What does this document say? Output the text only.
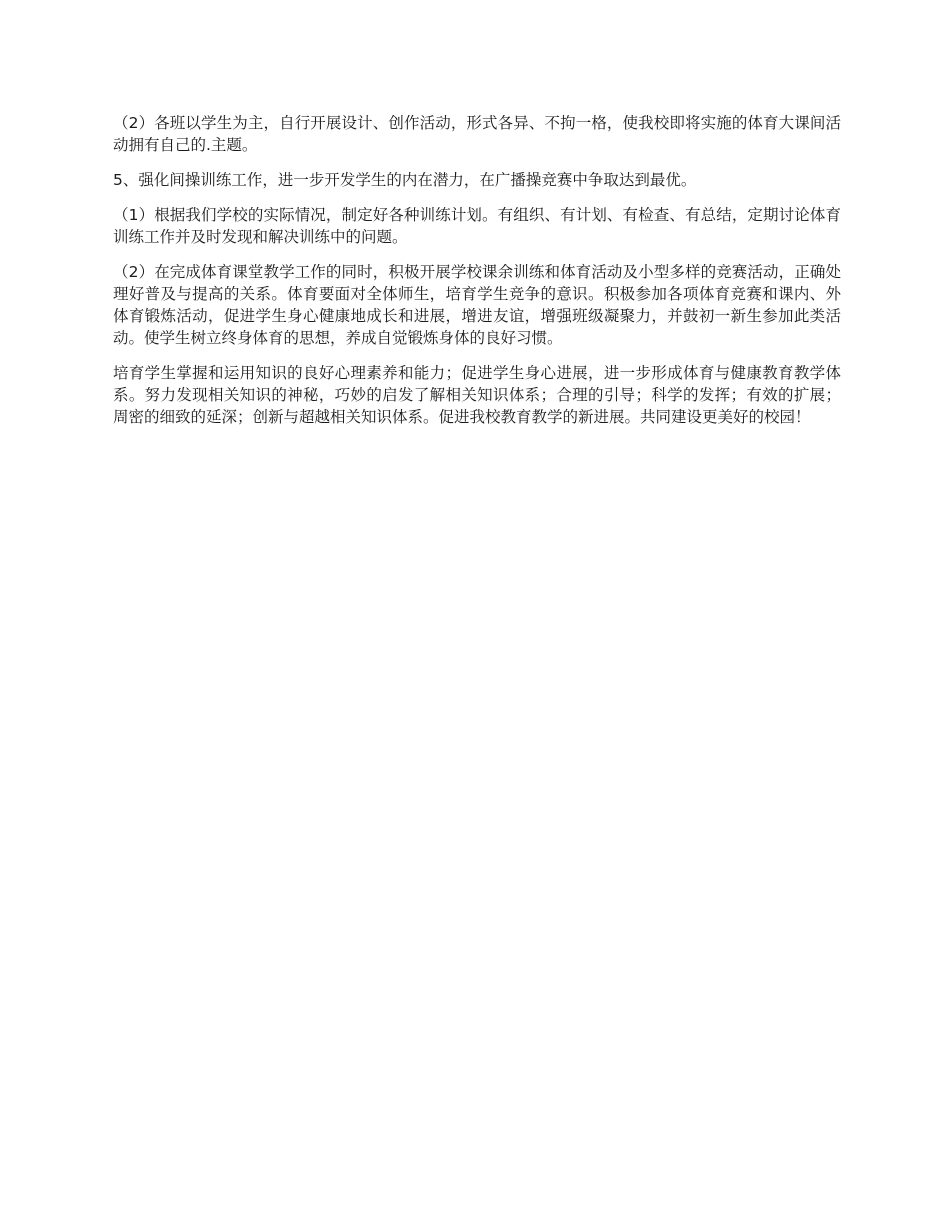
（2）各班以学生为主，自行开展设计、创作活动，形式各异、不拘一格，使我校即将实施的体育大课间活动拥有自己的.主题。

5、强化间操训练工作，进一步开发学生的内在潜力，在广播操竞赛中争取达到最优。

（1）根据我们学校的实际情况，制定好各种训练计划。有组织、有计划、有检查、有总结，定期讨论体育训练工作并及时发现和解决训练中的问题。

（2）在完成体育课堂教学工作的同时，积极开展学校课余训练和体育活动及小型多样的竞赛活动，正确处理好普及与提高的关系。体育要面对全体师生，培育学生竞争的意识。积极参加各项体育竞赛和课内、外体育锻炼活动，促进学生身心健康地成长和进展，增进友谊，增强班级凝聚力，并鼓初一新生参加此类活动。使学生树立终身体育的思想，养成自觉锻炼身体的良好习惯。

培育学生掌握和运用知识的良好心理素养和能力；促进学生身心进展，进一步形成体育与健康教育教学体系。努力发现相关知识的神秘，巧妙的启发了解相关知识体系；合理的引导；科学的发挥；有效的扩展；周密的细致的延深；创新与超越相关知识体系。促进我校教育教学的新进展。共同建设更美好的校园！
